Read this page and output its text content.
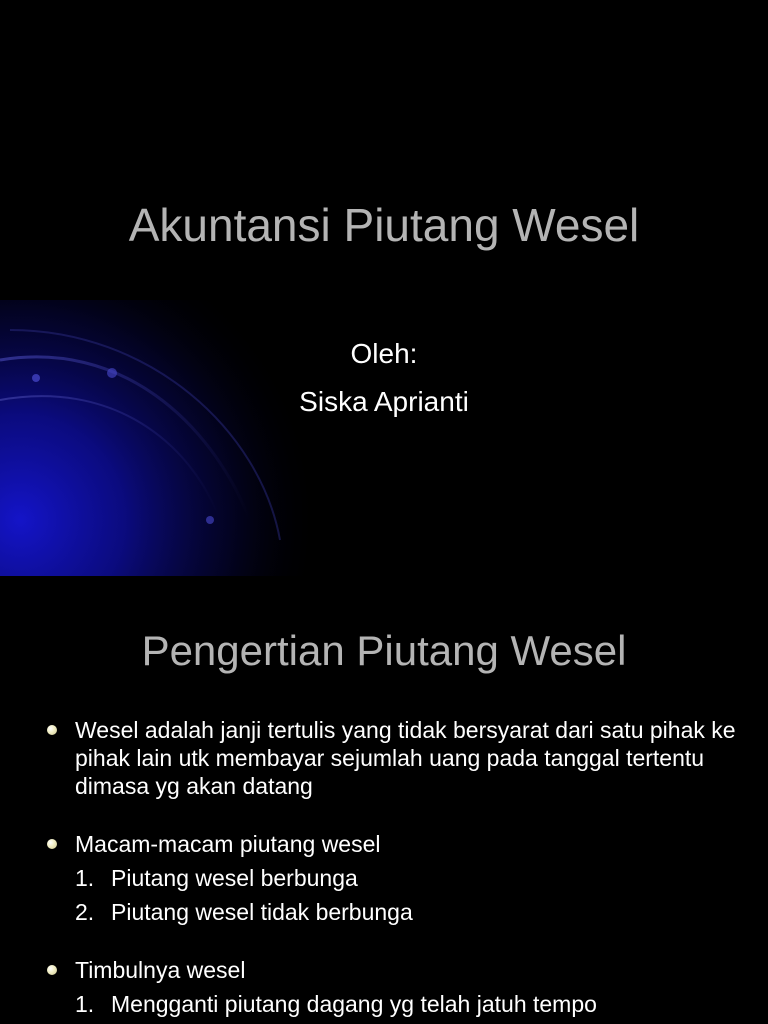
Akuntansi Piutang Wesel
Oleh:
Siska Aprianti
Pengertian Piutang Wesel
Wesel adalah janji tertulis yang tidak bersyarat dari satu pihak ke pihak lain utk membayar sejumlah uang pada tanggal tertentu dimasa yg akan datang
Macam-macam piutang wesel
1. Piutang wesel berbunga
2. Piutang wesel tidak berbunga
Timbulnya wesel
1. Mengganti piutang dagang yg telah jatuh tempo
